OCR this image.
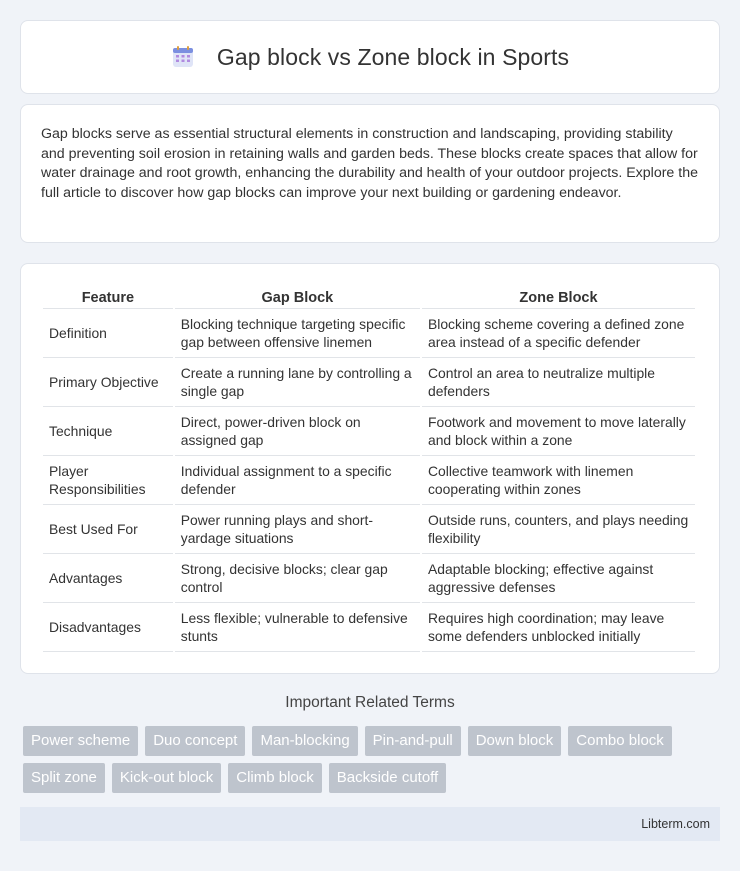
Gap block vs Zone block in Sports

Gap blocks serve as essential structural elements in construction and landscaping, providing stability and preventing soil erosion in retaining walls and garden beds. These blocks create spaces that allow for water drainage and root growth, enhancing the durability and health of your outdoor projects. Explore the full article to discover how gap blocks can improve your next building or gardening endeavor.

Feature	Gap Block	Zone Block
Definition	Blocking technique targeting specific gap between offensive linemen	Blocking scheme covering a defined zone area instead of a specific defender
Primary Objective	Create a running lane by controlling a single gap	Control an area to neutralize multiple defenders
Technique	Direct, power-driven block on assigned gap	Footwork and movement to move laterally and block within a zone
Player Responsibilities	Individual assignment to a specific defender	Collective teamwork with linemen cooperating within zones
Best Used For	Power running plays and short-yardage situations	Outside runs, counters, and plays needing flexibility
Advantages	Strong, decisive blocks; clear gap control	Adaptable blocking; effective against aggressive defenses
Disadvantages	Less flexible; vulnerable to defensive stunts	Requires high coordination; may leave some defenders unblocked initially
Important Related Terms
Power scheme	Duo concept	Man-blocking	Pin-and-pull	Down block	Combo block
Split zone	Kick-out block	Climb block	Backside cutoff
Libterm.com
